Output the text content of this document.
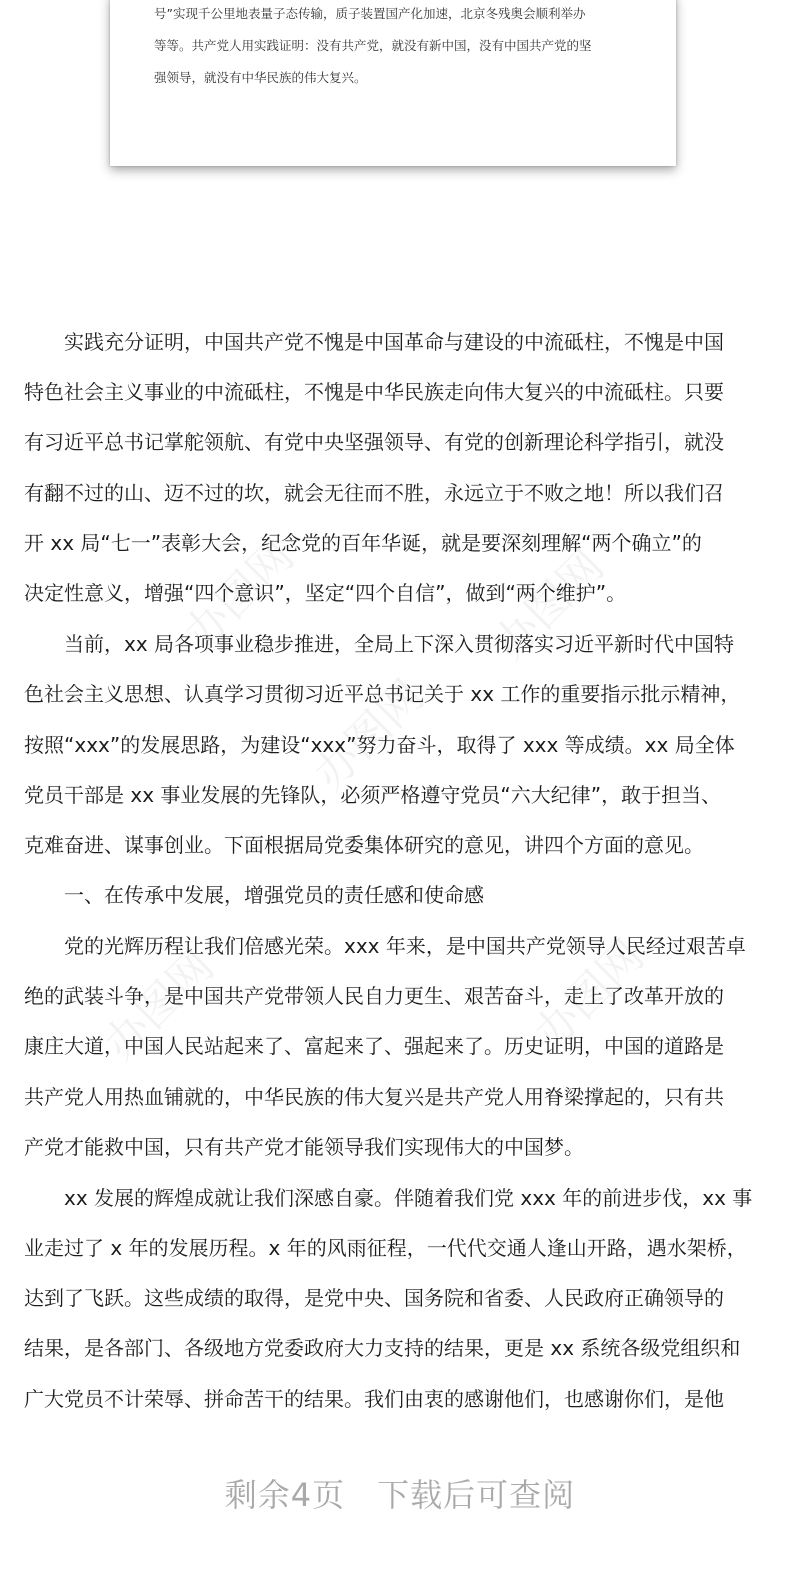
号”实现千公里地表量子态传输，质子装置国产化加速，北京冬残奥会顺利举办
等等。共产党人用实践证明：没有共产党，就没有新中国，没有中国共产党的坚
强领导，就没有中华民族的伟大复兴。
办图网	办图网
办图网
办图网	办图网
实践充分证明，中国共产党不愧是中国革命与建设的中流砥柱，不愧是中国
特色社会主义事业的中流砥柱，不愧是中华民族走向伟大复兴的中流砥柱。只要
有习近平总书记掌舵领航、有党中央坚强领导、有党的创新理论科学指引，就没
有翻不过的山、迈不过的坎，就会无往而不胜，永远立于不败之地！所以我们召
开 xx 局“七一”表彰大会，纪念党的百年华诞，就是要深刻理解“两个确立”的
决定性意义，增强“四个意识”，坚定“四个自信”，做到“两个维护”。
当前，xx 局各项事业稳步推进，全局上下深入贯彻落实习近平新时代中国特
色社会主义思想、认真学习贯彻习近平总书记关于 xx 工作的重要指示批示精神，
按照“xxx”的发展思路，为建设“xxx”努力奋斗，取得了 xxx 等成绩。xx 局全体
党员干部是 xx 事业发展的先锋队，必须严格遵守党员“六大纪律”，敢于担当、
克难奋进、谋事创业。下面根据局党委集体研究的意见，讲四个方面的意见。
一、在传承中发展，增强党员的责任感和使命感
党的光辉历程让我们倍感光荣。xxx 年来，是中国共产党领导人民经过艰苦卓
绝的武装斗争，是中国共产党带领人民自力更生、艰苦奋斗，走上了改革开放的
康庄大道，中国人民站起来了、富起来了、强起来了。历史证明，中国的道路是
共产党人用热血铺就的，中华民族的伟大复兴是共产党人用脊梁撑起的，只有共
产党才能救中国，只有共产党才能领导我们实现伟大的中国梦。
xx 发展的辉煌成就让我们深感自豪。伴随着我们党 xxx 年的前进步伐，xx 事
业走过了 x 年的发展历程。x 年的风雨征程，一代代交通人逢山开路，遇水架桥，
达到了飞跃。这些成绩的取得，是党中央、国务院和省委、人民政府正确领导的
结果，是各部门、各级地方党委政府大力支持的结果，更是 xx 系统各级党组织和
广大党员不计荣辱、拼命苦干的结果。我们由衷的感谢他们，也感谢你们，是他
剩余4页 下载后可查阅
